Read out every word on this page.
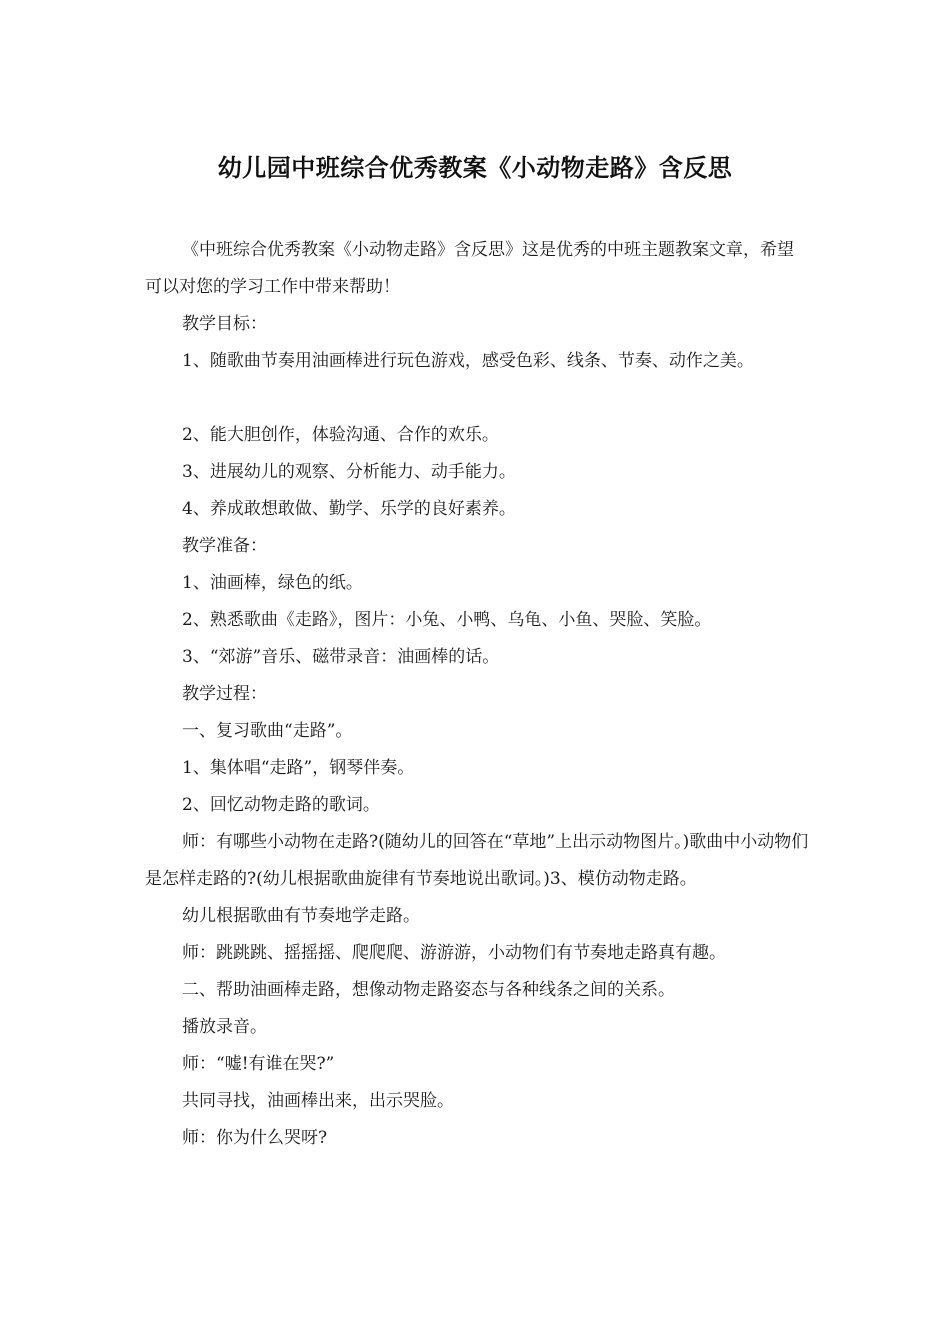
幼儿园中班综合优秀教案《小动物走路》含反思

《中班综合优秀教案《小动物走路》含反思》这是优秀的中班主题教案文章，希望可以对您的学习工作中带来帮助！

教学目标：

1、随歌曲节奏用油画棒进行玩色游戏，感受色彩、线条、节奏、动作之美。

2、能大胆创作，体验沟通、合作的欢乐。

3、进展幼儿的观察、分析能力、动手能力。

4、养成敢想敢做、勤学、乐学的良好素养。

教学准备：

1、油画棒，绿色的纸。

2、熟悉歌曲《走路》，图片：小兔、小鸭、乌龟、小鱼、哭脸、笑脸。

3、“郊游”音乐、磁带录音：油画棒的话。

教学过程：

一、复习歌曲“走路”。

1、集体唱“走路”，钢琴伴奏。

2、回忆动物走路的歌词。

师：有哪些小动物在走路?(随幼儿的回答在“草地”上出示动物图片。)歌曲中小动物们是怎样走路的?(幼儿根据歌曲旋律有节奏地说出歌词。)3、模仿动物走路。

幼儿根据歌曲有节奏地学走路。

师：跳跳跳、摇摇摇、爬爬爬、游游游，小动物们有节奏地走路真有趣。

二、帮助油画棒走路，想像动物走路姿态与各种线条之间的关系。

播放录音。

师：“嘘!有谁在哭?”

共同寻找，油画棒出来，出示哭脸。

师：你为什么哭呀?
